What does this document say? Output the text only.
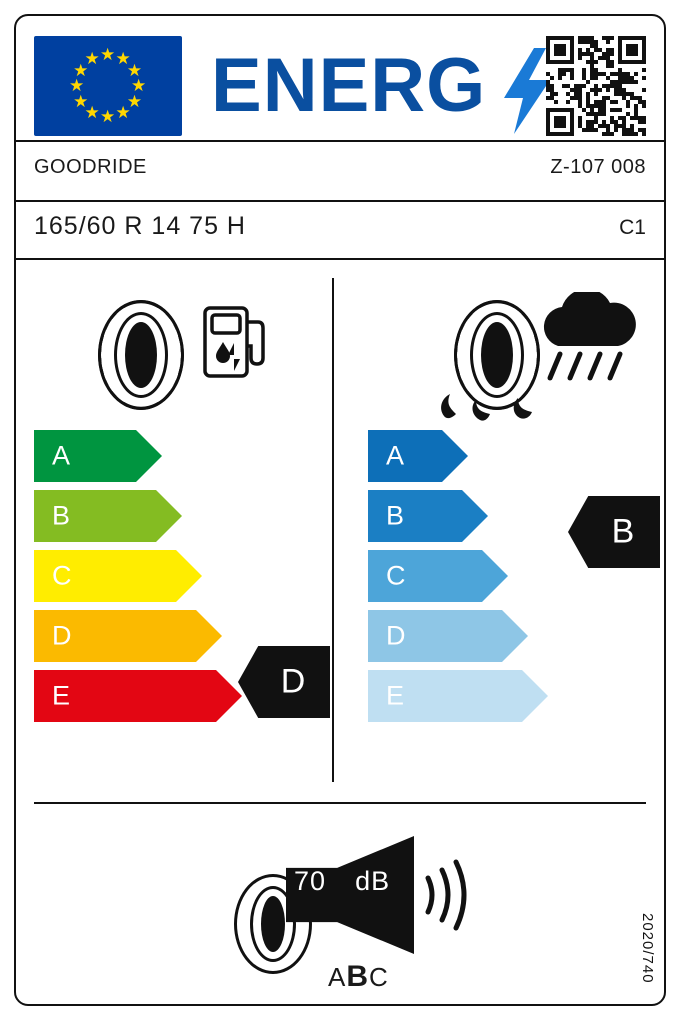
★ ★
★
★
★
★
★
★
★
★
★
★ ENERG
GOODRIDE	Z-107 008
165/60 R 14 75 H	C1
A
B
C
D
E	D
A
B
C
D
E
B
70 dB
ABC	2020/740
